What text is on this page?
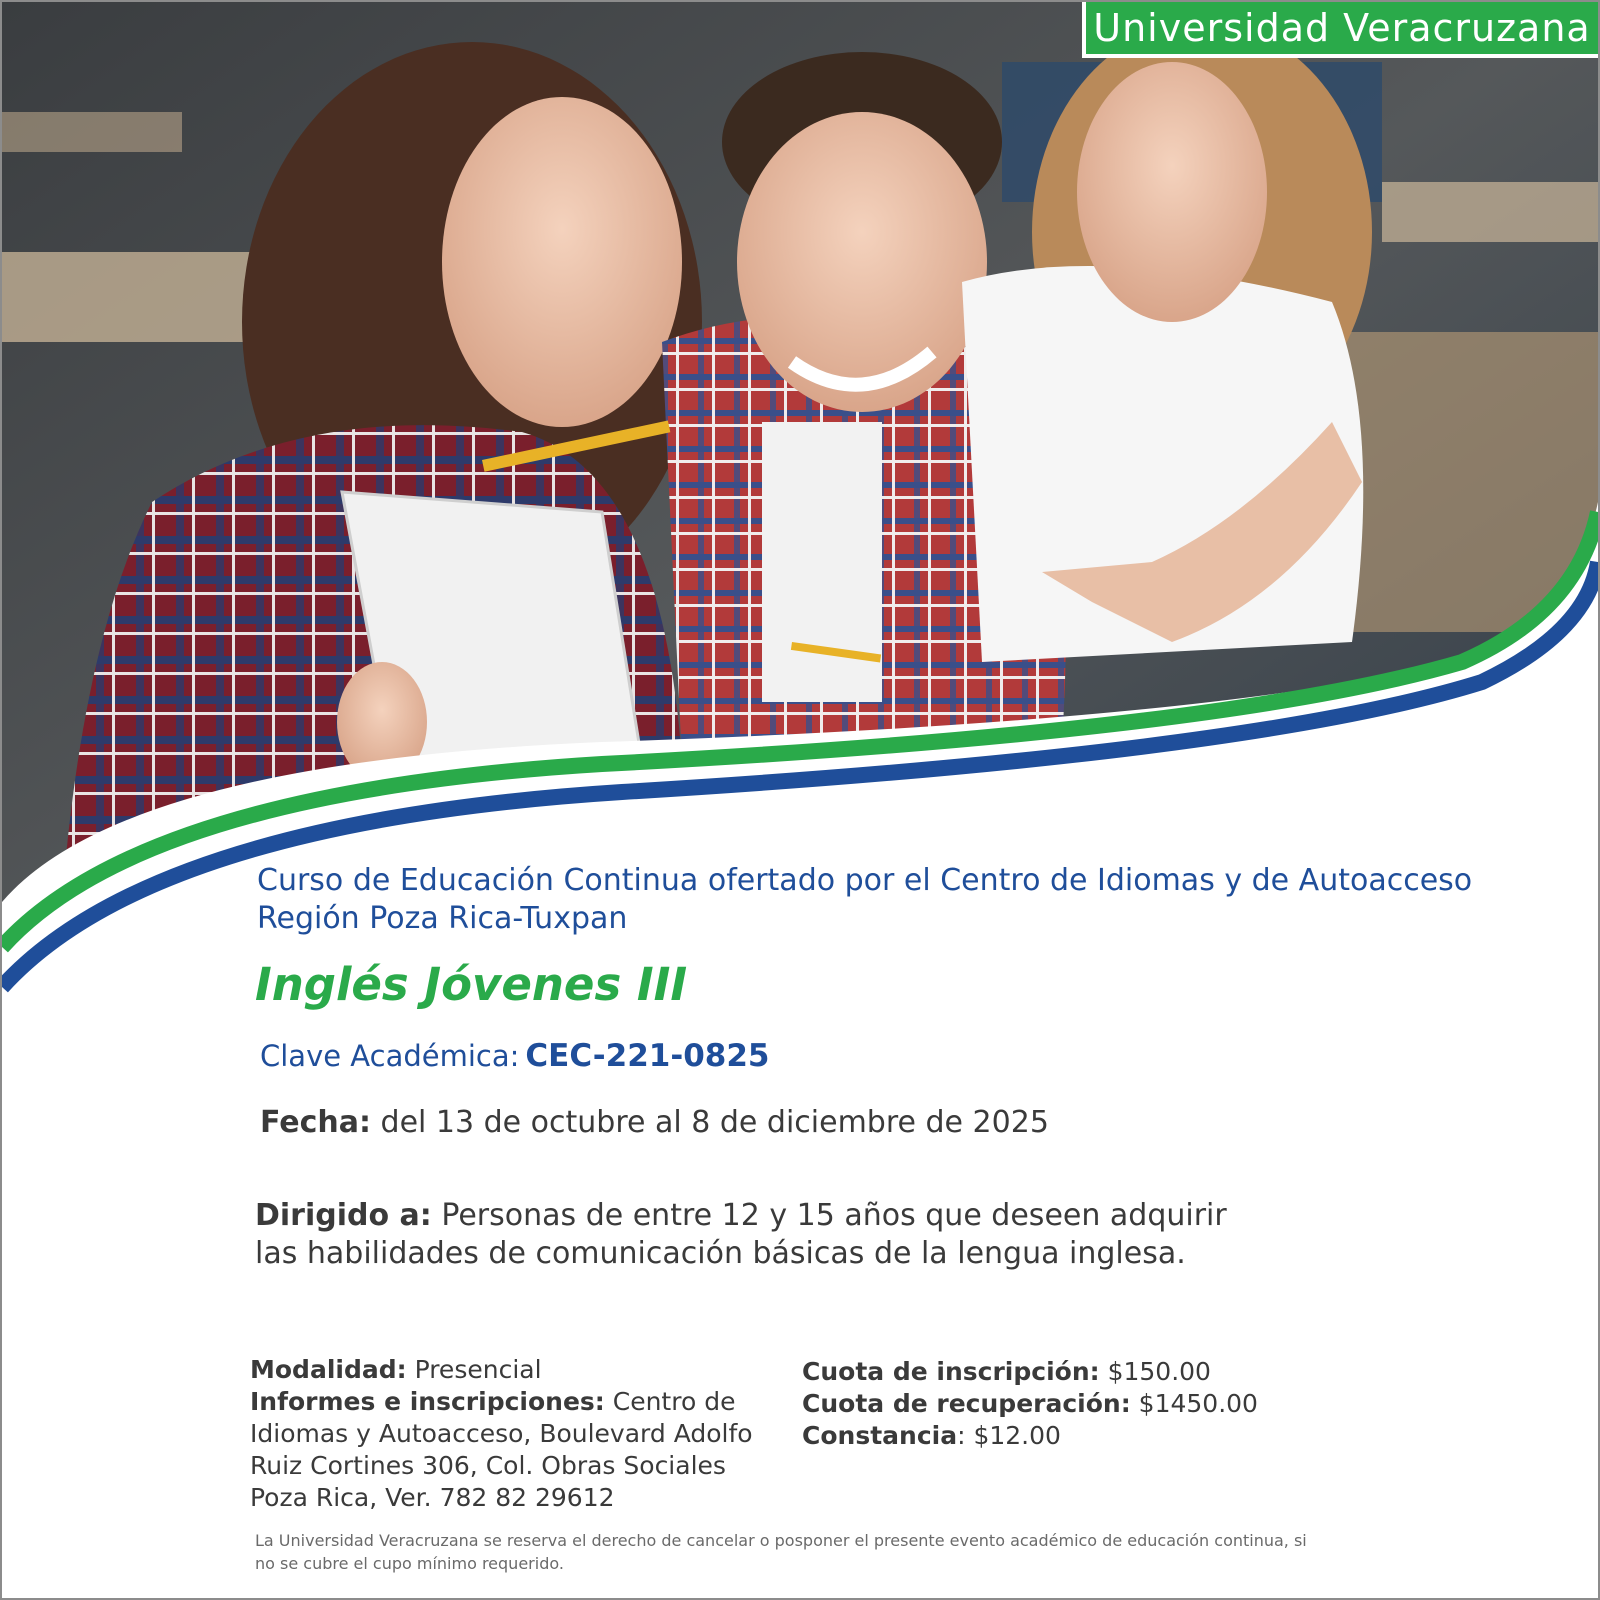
Universidad Veracruzana
Curso de Educación Continua ofertado por el Centro de Idiomas y de Autoacceso
Región Poza Rica-Tuxpan
Inglés Jóvenes III
Clave Académica: CEC-221-0825
Fecha: del 13 de octubre al 8 de diciembre de 2025
Dirigido a: Personas de entre 12 y 15 años que deseen adquirir las habilidades de comunicación básicas de la lengua inglesa.
Modalidad: Presencial
Informes e inscripciones: Centro de
Idiomas y Autoacceso, Boulevard Adolfo
Ruiz Cortines 306, Col. Obras Sociales
Poza Rica, Ver. 782 82 29612
Cuota de inscripción: $150.00
Cuota de recuperación: $1450.00
Constancia: $12.00
La Universidad Veracruzana se reserva el derecho de cancelar o posponer el presente evento académico de educación continua, si no se cubre el cupo mínimo requerido.
